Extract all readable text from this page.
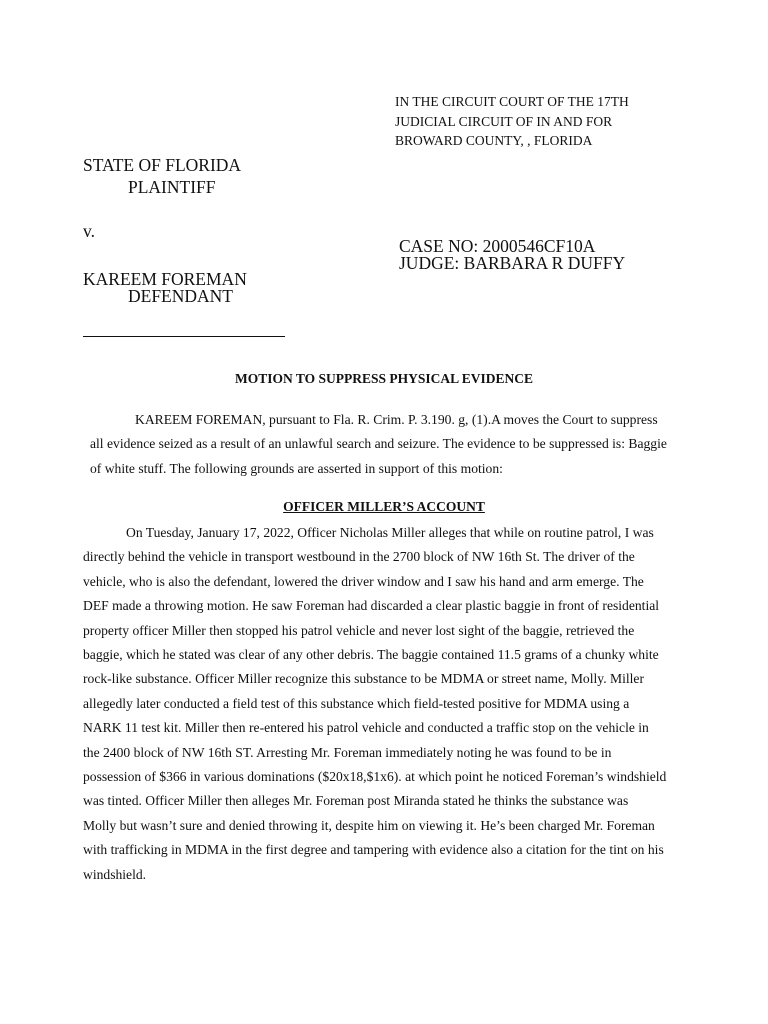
IN THE CIRCUIT COURT OF THE 17TH
JUDICIAL CIRCUIT OF IN AND FOR
BROWARD COUNTY, , FLORIDA
STATE OF FLORIDA
PLAINTIFF
v.
KAREEM FOREMAN
DEFENDANT
CASE NO: 2000546CF10A
JUDGE: BARBARA R DUFFY
MOTION TO SUPPRESS PHYSICAL EVIDENCE
KAREEM FOREMAN, pursuant to Fla. R. Crim. P. 3.190. g, (1).A moves the Court to suppress
all evidence seized as a result of an unlawful search and seizure. The evidence to be suppressed is: Baggie
of white stuff. The following grounds are asserted in support of this motion:
OFFICER MILLER’S ACCOUNT
On Tuesday, January 17, 2022, Officer Nicholas Miller alleges that while on routine patrol, I was
directly behind the vehicle in transport westbound in the 2700 block of NW 16th St. The driver of the
vehicle, who is also the defendant, lowered the driver window and I saw his hand and arm emerge. The
DEF made a throwing motion. He saw Foreman had discarded a clear plastic baggie in front of residential
property officer Miller then stopped his patrol vehicle and never lost sight of the baggie, retrieved the
baggie, which he stated was clear of any other debris. The baggie contained 11.5 grams of a chunky white
rock-like substance. Officer Miller recognize this substance to be MDMA or street name, Molly. Miller
allegedly later conducted a field test of this substance which field-tested positive for MDMA using a
NARK 11 test kit. Miller then re-entered his patrol vehicle and conducted a traffic stop on the vehicle in
the 2400 block of NW 16th ST. Arresting Mr. Foreman immediately noting he was found to be in
possession of $366 in various dominations ($20x18,$1x6). at which point he noticed Foreman’s windshield
was tinted. Officer Miller then alleges Mr. Foreman post Miranda stated he thinks the substance was
Molly but wasn’t sure and denied throwing it, despite him on viewing it. He’s been charged Mr. Foreman
with trafficking in MDMA in the first degree and tampering with evidence also a citation for the tint on his
windshield.
